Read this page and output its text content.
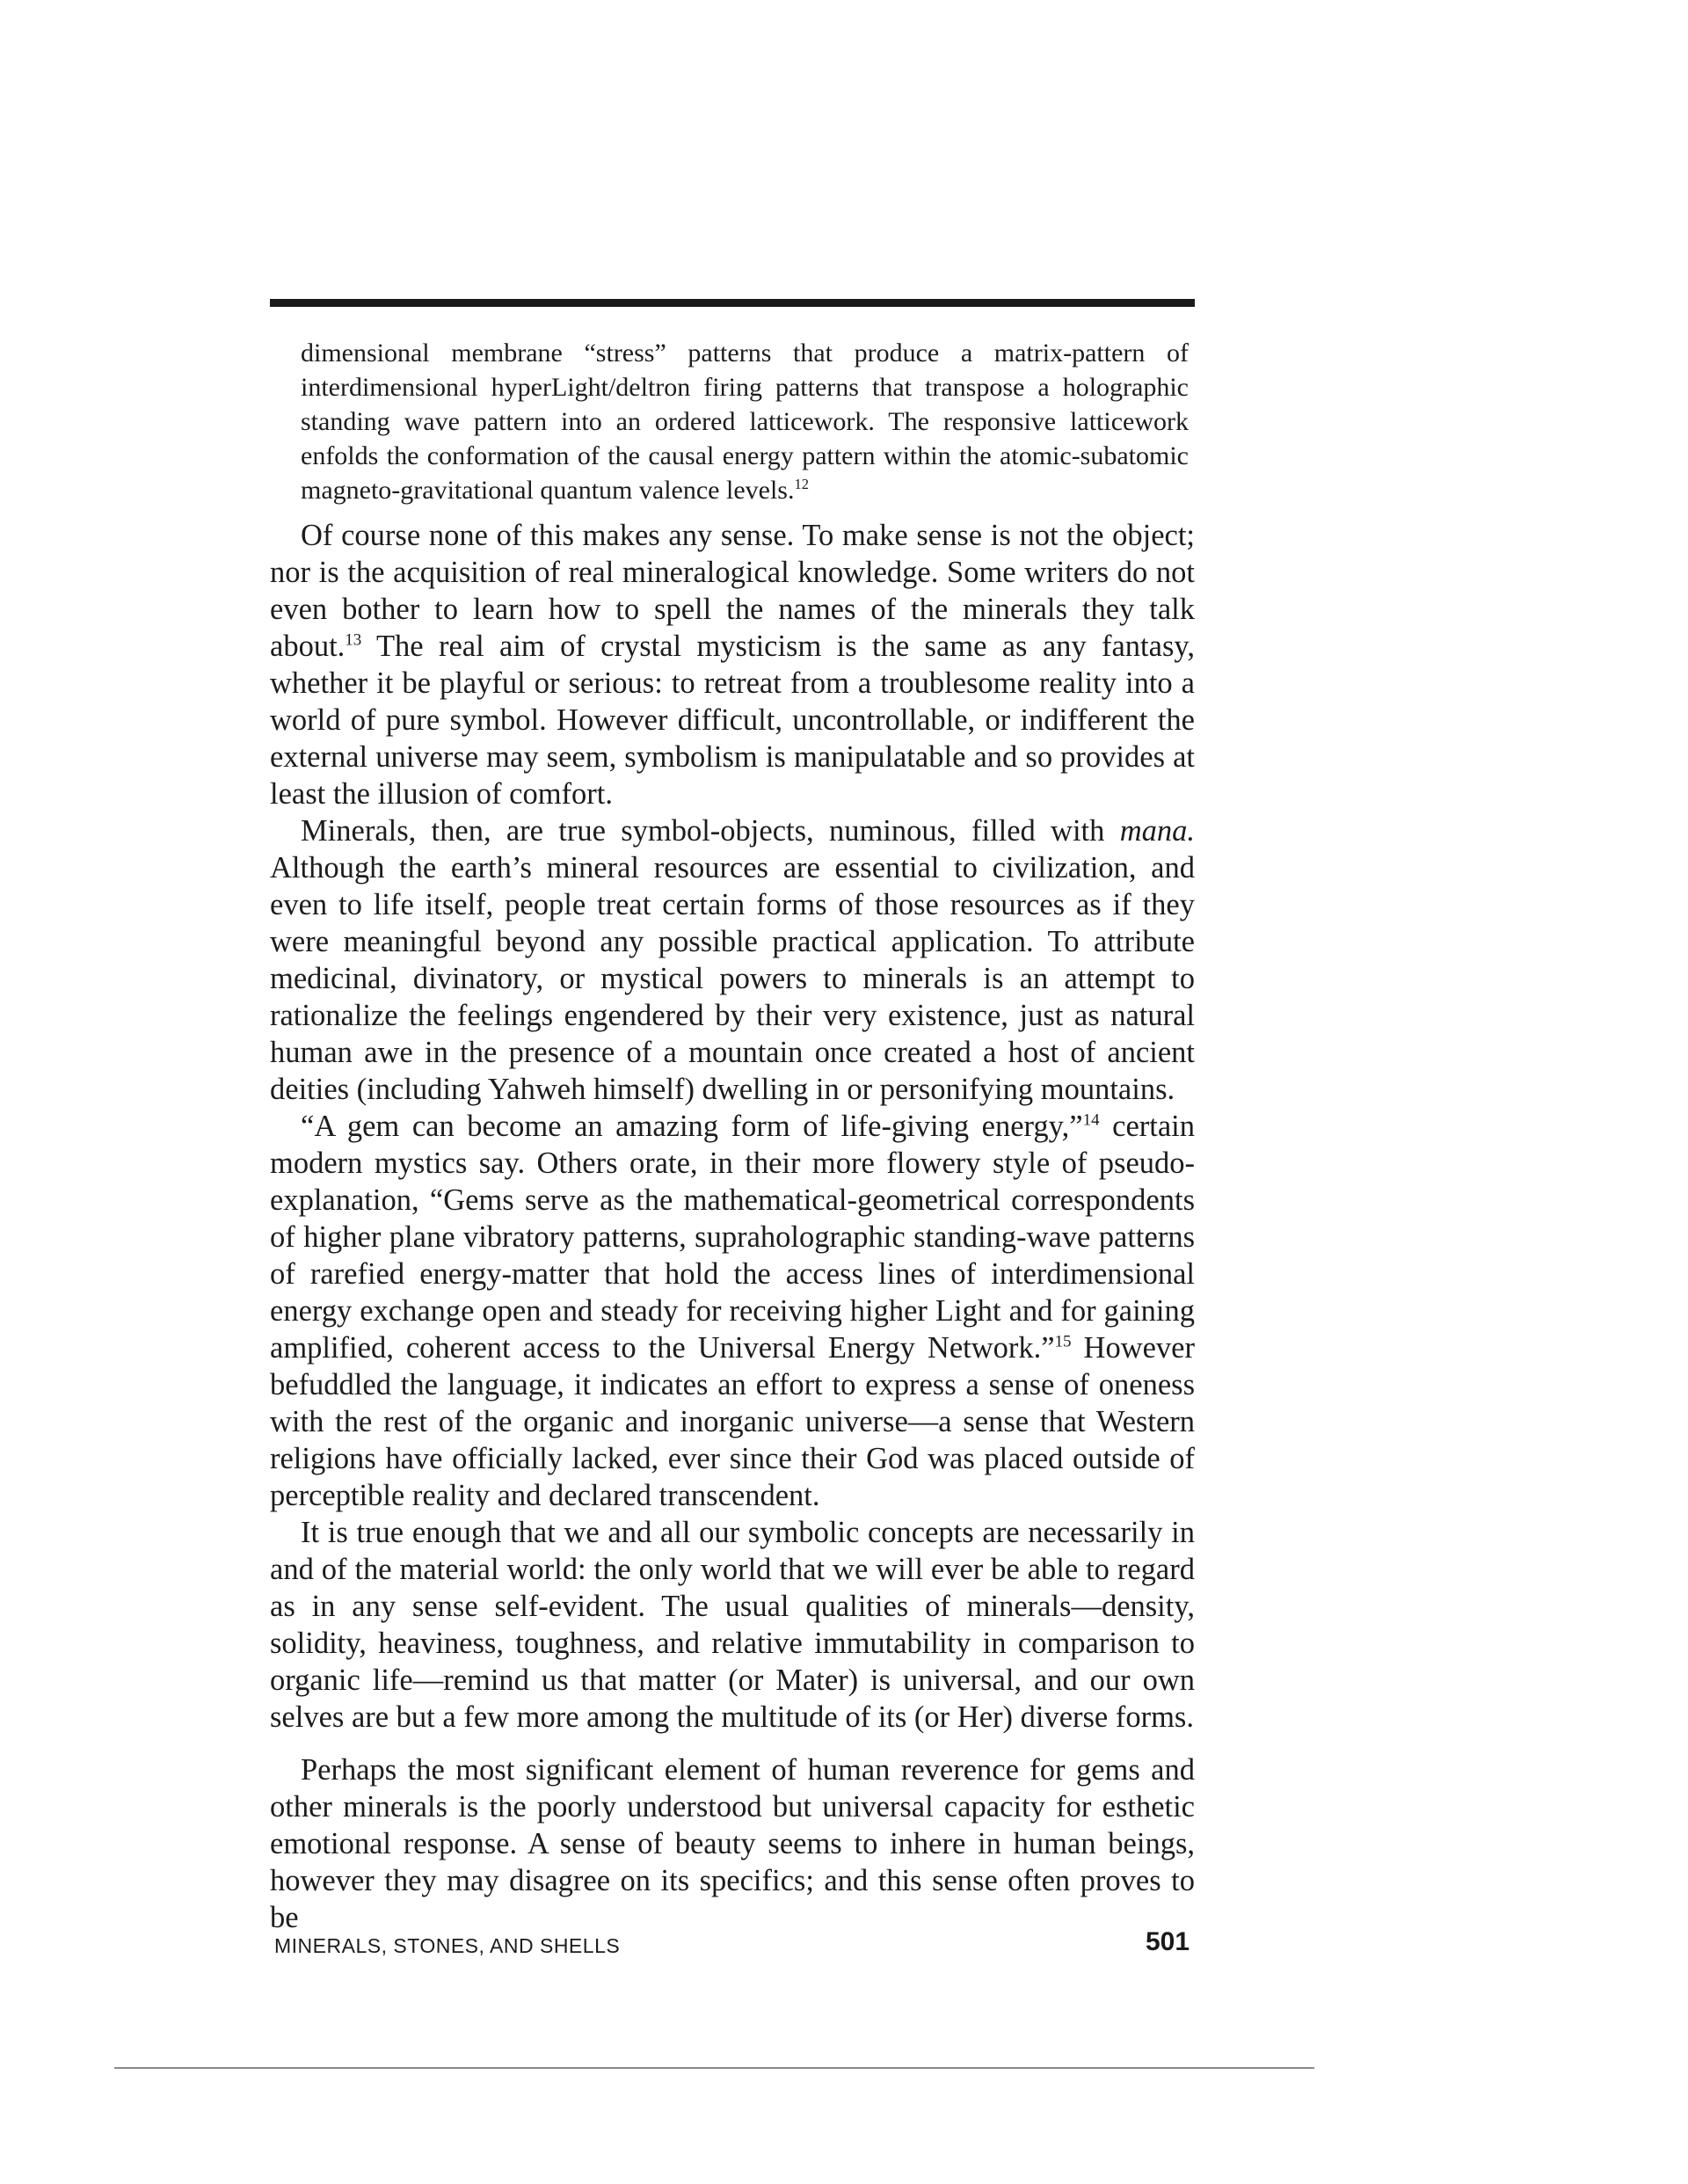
dimensional membrane “stress” patterns that produce a matrix-pattern of interdimensional hyperLight/deltron firing patterns that transpose a holographic standing wave pattern into an ordered latticework. The responsive latticework enfolds the conformation of the causal energy pattern within the atomic-subatomic magneto-gravitational quantum valence levels.$^{12}$

Of course none of this makes any sense. To make sense is not the object; nor is the acquisition of real mineralogical knowledge. Some writers do not even bother to learn how to spell the names of the minerals they talk about.$^{13}$ The real aim of crystal mysticism is the same as any fantasy, whether it be playful or serious: to retreat from a troublesome reality into a world of pure symbol. However difficult, uncontrollable, or indifferent the external universe may seem, symbolism is manipulatable and so provides at least the illusion of comfort.

Minerals, then, are true symbol-objects, numinous, filled with mana. Although the earth’s mineral resources are essential to civilization, and even to life itself, people treat certain forms of those resources as if they were meaningful beyond any possible practical application. To attribute medicinal, divinatory, or mystical powers to minerals is an attempt to rationalize the feelings engendered by their very existence, just as natural human awe in the presence of a mountain once created a host of ancient deities (including Yahweh himself) dwelling in or personifying mountains.

“A gem can become an amazing form of life-giving energy,”$^{14}$ certain modern mystics say. Others orate, in their more flowery style of pseudo-explanation, “Gems serve as the mathematical-geometrical correspondents of higher plane vibratory patterns, supraholographic standing-wave patterns of rarefied energy-matter that hold the access lines of interdimensional energy exchange open and steady for receiving higher Light and for gaining amplified, coherent access to the Universal Energy Network.”$^{15}$ However befuddled the language, it indicates an effort to express a sense of oneness with the rest of the organic and inorganic universe—a sense that Western religions have officially lacked, ever since their God was placed outside of perceptible reality and declared transcendent.

It is true enough that we and all our symbolic concepts are necessarily in and of the material world: the only world that we will ever be able to regard as in any sense self-evident. The usual qualities of minerals—density, solidity, heaviness, toughness, and relative immutability in comparison to organic life—remind us that matter (or Mater) is universal, and our own selves are but a few more among the multitude of its (or Her) diverse forms.

Perhaps the most significant element of human reverence for gems and other minerals is the poorly understood but universal capacity for esthetic emotional response. A sense of beauty seems to inhere in human beings, however they may disagree on its specifics; and this sense often proves to be

MINERALS, STONES, AND SHELLS	501
